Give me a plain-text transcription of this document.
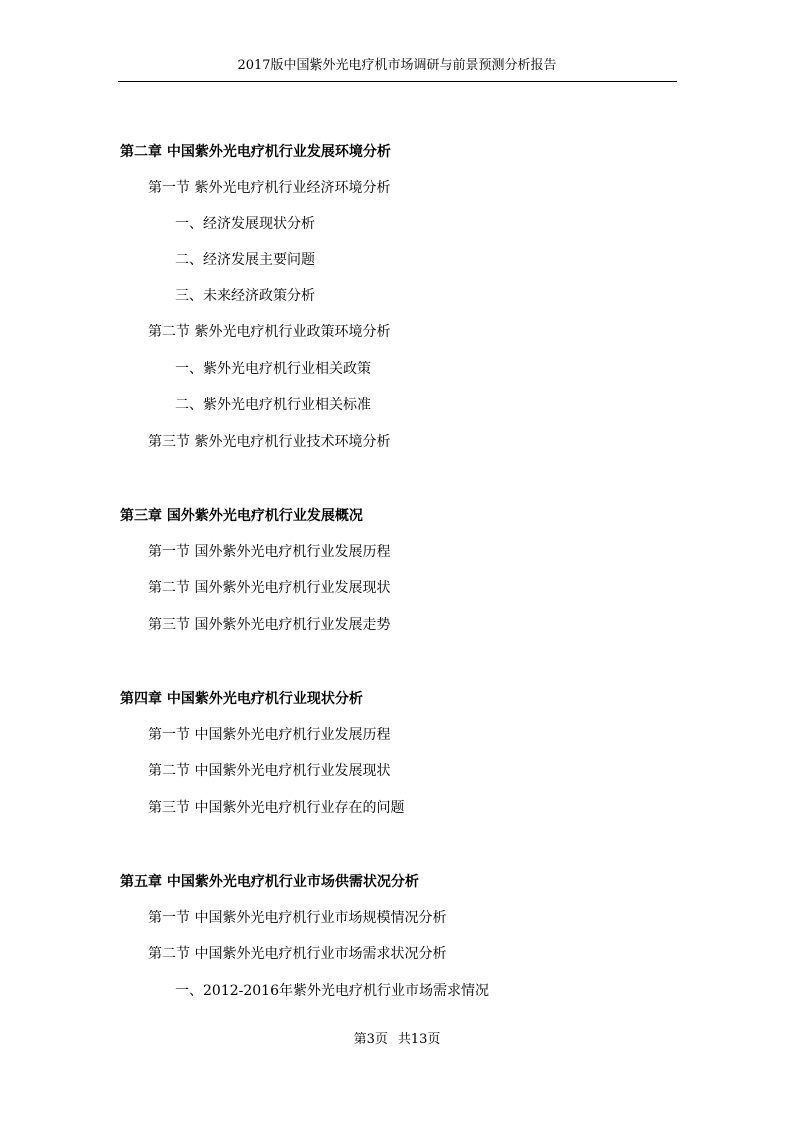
2017版中国紫外光电疗机市场调研与前景预测分析报告
第二章 中国紫外光电疗机行业发展环境分析
第一节 紫外光电疗机行业经济环境分析
一、经济发展现状分析
二、经济发展主要问题
三、未来经济政策分析
第二节 紫外光电疗机行业政策环境分析
一、紫外光电疗机行业相关政策
二、紫外光电疗机行业相关标准
第三节 紫外光电疗机行业技术环境分析
第三章 国外紫外光电疗机行业发展概况
第一节 国外紫外光电疗机行业发展历程
第二节 国外紫外光电疗机行业发展现状
第三节 国外紫外光电疗机行业发展走势
第四章 中国紫外光电疗机行业现状分析
第一节 中国紫外光电疗机行业发展历程
第二节 中国紫外光电疗机行业发展现状
第三节 中国紫外光电疗机行业存在的问题
第五章 中国紫外光电疗机行业市场供需状况分析
第一节 中国紫外光电疗机行业市场规模情况分析
第二节 中国紫外光电疗机行业市场需求状况分析
一、2012-2016年紫外光电疗机行业市场需求情况
第3页 共13页
